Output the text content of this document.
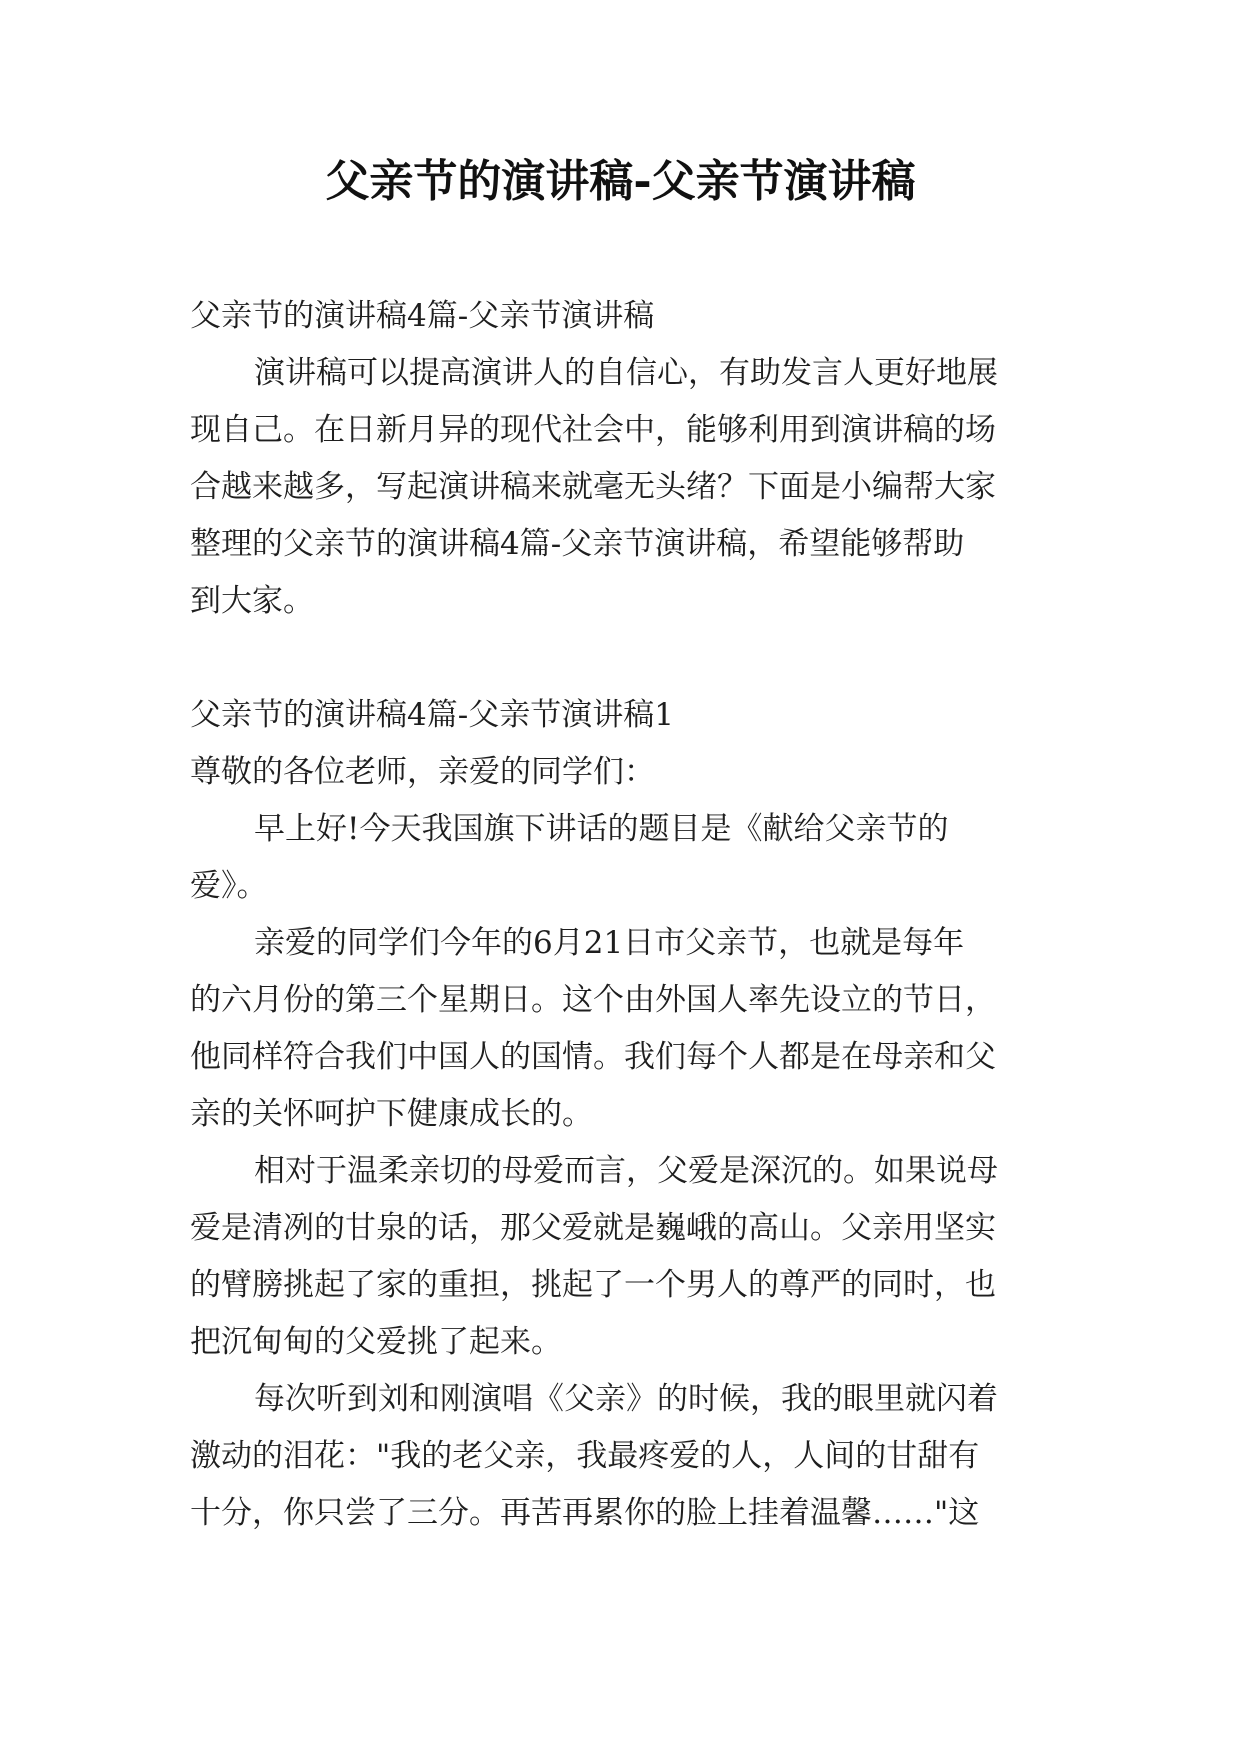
父亲节的演讲稿-父亲节演讲稿
父亲节的演讲稿4篇-父亲节演讲稿
演讲稿可以提高演讲人的自信心，有助发言人更好地展
现自己。在日新月异的现代社会中，能够利用到演讲稿的场
合越来越多，写起演讲稿来就毫无头绪？下面是小编帮大家
整理的父亲节的演讲稿4篇-父亲节演讲稿，希望能够帮助
到大家。
父亲节的演讲稿4篇-父亲节演讲稿1
尊敬的各位老师，亲爱的同学们：
早上好!今天我国旗下讲话的题目是《献给父亲节的
爱》。
亲爱的同学们今年的6月21日市父亲节，也就是每年
的六月份的第三个星期日。这个由外国人率先设立的节日，
他同样符合我们中国人的国情。我们每个人都是在母亲和父
亲的关怀呵护下健康成长的。
相对于温柔亲切的母爱而言，父爱是深沉的。如果说母
爱是清冽的甘泉的话，那父爱就是巍峨的高山。父亲用坚实
的臂膀挑起了家的重担，挑起了一个男人的尊严的同时，也
把沉甸甸的父爱挑了起来。
每次听到刘和刚演唱《父亲》的时候，我的眼里就闪着
激动的泪花："我的老父亲，我最疼爱的人，人间的甘甜有
十分，你只尝了三分。再苦再累你的脸上挂着温馨……"这
